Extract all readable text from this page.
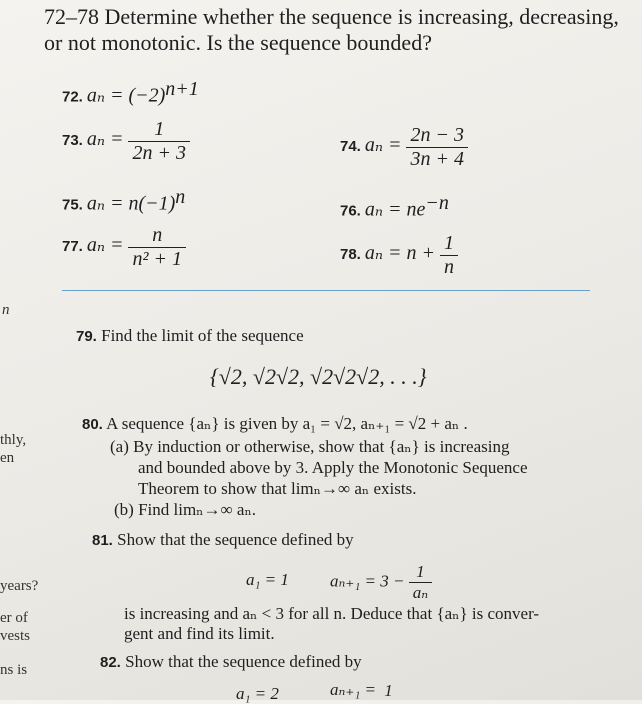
72–78 Determine whether the sequence is increasing, decreasing,
or not monotonic. Is the sequence bounded?
72. $a_n = (-2)^{n+1}$
73. $a_n = \frac{1}{2n + 3}$	74. $a_n = \frac{2n - 3}{3n + 4}$
75. $a_n = n(-1)^n$
76. $a_n = ne^{-n}$
77. $a_n = \frac{n}{\text{n² + 1}}$	78. $a_n = n + \frac{1}{n}$
79. Find the limit of the sequence
{√2, √2√2, √2√2√2, . . .}
80. A sequence {aₙ} is given by a₁ = √2, aₙ₊₁ = √2 + aₙ .
(a) By induction or otherwise, show that {aₙ} is increasing
and bounded above by 3. Apply the Monotonic Sequence
Theorem to show that limₙ→∞ aₙ exists.
(b) Find limₙ→∞ aₙ.
81. Show that the sequence defined by
a₁ = 1 $a_{n+1} = 3 - \frac{1}{\text{aₙ}}$
is increasing and aₙ < 3 for all n. Deduce that {aₙ} is conver-
gent and find its limit.
82. Show that the sequence defined by
a₁ = 2	aₙ₊₁ = 1
n
thly,
en
years?
er of
vests
ns is
